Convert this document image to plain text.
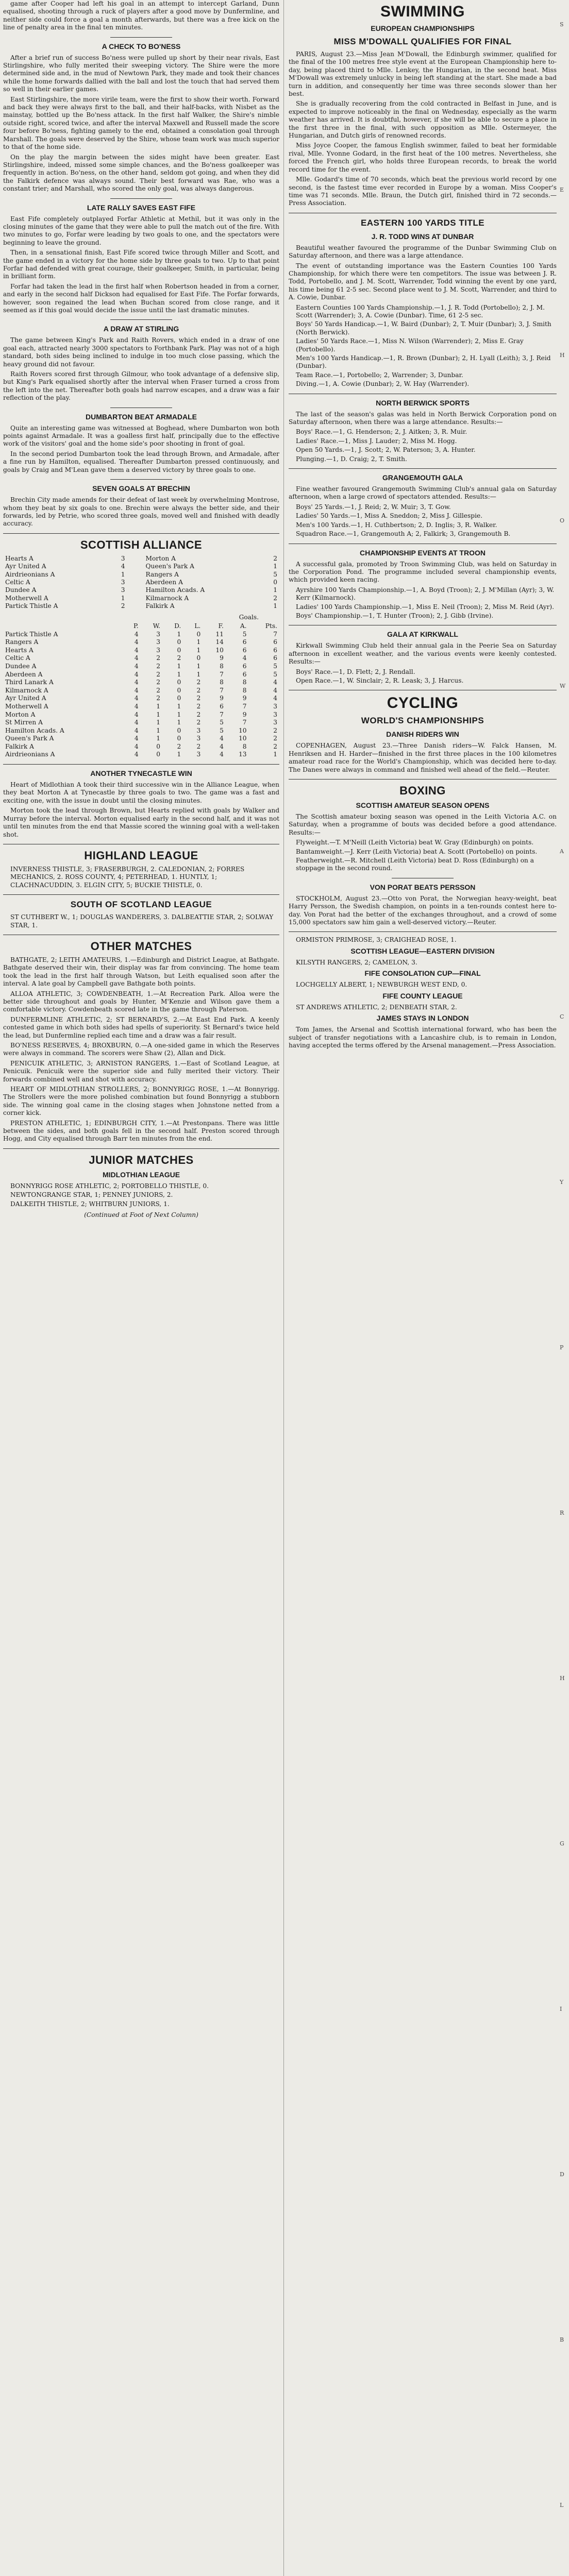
game after Cooper had left his goal in an attempt to intercept Garland, Dunn equalised, shooting through a ruck of players after a good move by Dunfermline, and neither side could force a goal a month afterwards, but there was a free kick on the line of penalty area in the final ten minutes.

A CHECK TO BO'NESS

After a brief run of success Bo'ness were pulled up short by their near rivals, East Stirlingshire, who fully merited their sweeping victory. The Shire were the more determined side and, in the mud of Newtown Park, they made and took their chances while the home forwards dallied with the ball and lost the touch that had served them so well in their earlier games.

East Stirlingshire, the more virile team, were the first to show their worth. Forward and back they were always first to the ball, and their half-backs, with Nisbet as the mainstay, bottled up the Bo'ness attack. In the first half Walker, the Shire's nimble outside right, scored twice, and after the interval Maxwell and Russell made the score four before Bo'ness, fighting gamely to the end, obtained a consolation goal through Marshall. The goals were deserved by the Shire, whose team work was much superior to that of the home side.

On the play the margin between the sides might have been greater. East Stirlingshire, indeed, missed some simple chances, and the Bo'ness goalkeeper was frequently in action. Bo'ness, on the other hand, seldom got going, and when they did the Falkirk defence was always sound. Their best forward was Rae, who was a constant trier; and Marshall, who scored the only goal, was always dangerous.

LATE RALLY SAVES EAST FIFE

East Fife completely outplayed Forfar Athletic at Methil, but it was only in the closing minutes of the game that they were able to pull the match out of the fire. With two minutes to go, Forfar were leading by two goals to one, and the spectators were beginning to leave the ground.

Then, in a sensational finish, East Fife scored twice through Miller and Scott, and the game ended in a victory for the home side by three goals to two. Up to that point Forfar had defended with great courage, their goalkeeper, Smith, in particular, being in brilliant form.

Forfar had taken the lead in the first half when Robertson headed in from a corner, and early in the second half Dickson had equalised for East Fife. The Forfar forwards, however, soon regained the lead when Buchan scored from close range, and it seemed as if this goal would decide the issue until the last dramatic minutes.

A DRAW AT STIRLING

The game between King's Park and Raith Rovers, which ended in a draw of one goal each, attracted nearly 3000 spectators to Forthbank Park. Play was not of a high standard, both sides being inclined to indulge in too much close passing, which the heavy ground did not favour.

Raith Rovers scored first through Gilmour, who took advantage of a defensive slip, but King's Park equalised shortly after the interval when Fraser turned a cross from the left into the net. Thereafter both goals had narrow escapes, and a draw was a fair reflection of the play.

DUMBARTON BEAT ARMADALE

Quite an interesting game was witnessed at Boghead, where Dumbarton won both points against Armadale. It was a goalless first half, principally due to the effective work of the visitors' goal and the home side's poor shooting in front of goal.

In the second period Dumbarton took the lead through Brown, and Armadale, after a fine run by Hamilton, equalised. Thereafter Dumbarton pressed continuously, and goals by Craig and M'Lean gave them a deserved victory by three goals to one.

SEVEN GOALS AT BRECHIN

Brechin City made amends for their defeat of last week by overwhelming Montrose, whom they beat by six goals to one. Brechin were always the better side, and their forwards, led by Petrie, who scored three goals, moved well and finished with deadly accuracy.

SCOTTISH ALLIANCE
Hearts A	3		Morton A	2
Ayr United A	4		Queen's Park A	1
Airdrieonians A	1		Rangers A	5
Celtic A	3		Aberdeen A	0
Dundee A	3		Hamilton Acads. A	1
Motherwell A	1		Kilmarnock A	2
Partick Thistle A	2		Falkirk A	1

Goals.

	P.	W.	D.	L.	F.	A.	Pts.
Partick Thistle A	4	3	1	0	11	5	7
Rangers A	4	3	0	1	14	6	6
Hearts A	4	3	0	1	10	6	6
Celtic A	4	2	2	0	9	4	6
Dundee A	4	2	1	1	8	6	5
Aberdeen A	4	2	1	1	7	6	5
Third Lanark A	4	2	0	2	8	8	4
Kilmarnock A	4	2	0	2	7	8	4
Ayr United A	4	2	0	2	9	9	4
Motherwell A	4	1	1	2	6	7	3
Morton A	4	1	1	2	7	9	3
St Mirren A	4	1	1	2	5	7	3
Hamilton Acads. A	4	1	0	3	5	10	2
Queen's Park A	4	1	0	3	4	10	2
Falkirk A	4	0	2	2	4	8	2
Airdrieonians A	4	0	1	3	4	13	1
ANOTHER TYNECASTLE WIN

Heart of Midlothian A took their third successive win in the Alliance League, when they beat Morton A at Tynecastle by three goals to two. The game was a fast and exciting one, with the issue in doubt until the closing minutes.

Morton took the lead through Brown, but Hearts replied with goals by Walker and Murray before the interval. Morton equalised early in the second half, and it was not until ten minutes from the end that Massie scored the winning goal with a well-taken shot.

HIGHLAND LEAGUE

INVERNESS THISTLE, 3; FRASERBURGH, 2. CALEDONIAN, 2; FORRES MECHANICS, 2. ROSS COUNTY, 4; PETERHEAD, 1. HUNTLY, 1; CLACHNACUDDIN, 3. ELGIN CITY, 5; BUCKIE THISTLE, 0.

SOUTH OF SCOTLAND LEAGUE

ST CUTHBERT W., 1; DOUGLAS WANDERERS, 3. DALBEATTIE STAR, 2; SOLWAY STAR, 1.

OTHER MATCHES

BATHGATE, 2; LEITH AMATEURS, 1.—Edinburgh and District League, at Bathgate. Bathgate deserved their win, their display was far from convincing. The home team took the lead in the first half through Watson, but Leith equalised soon after the interval. A late goal by Campbell gave Bathgate both points.

ALLOA ATHLETIC, 3; COWDENBEATH, 1.—At Recreation Park. Alloa were the better side throughout and goals by Hunter, M'Kenzie and Wilson gave them a comfortable victory. Cowdenbeath scored late in the game through Paterson.

DUNFERMLINE ATHLETIC, 2; ST BERNARD'S, 2.—At East End Park. A keenly contested game in which both sides had spells of superiority. St Bernard's twice held the lead, but Dunfermline replied each time and a draw was a fair result.

BO'NESS RESERVES, 4; BROXBURN, 0.—A one-sided game in which the Reserves were always in command. The scorers were Shaw (2), Allan and Dick.

PENICUIK ATHLETIC, 3; ARNISTON RANGERS, 1.—East of Scotland League, at Penicuik. Penicuik were the superior side and fully merited their victory. Their forwards combined well and shot with accuracy.

HEART OF MIDLOTHIAN STROLLERS, 2; BONNYRIGG ROSE, 1.—At Bonnyrigg. The Strollers were the more polished combination but found Bonnyrigg a stubborn side. The winning goal came in the closing stages when Johnstone netted from a corner kick.

PRESTON ATHLETIC, 1; EDINBURGH CITY, 1.—At Prestonpans. There was little between the sides, and both goals fell in the second half. Preston scored through Hogg, and City equalised through Barr ten minutes from the end.

JUNIOR MATCHES
MIDLOTHIAN LEAGUE

BONNYRIGG ROSE ATHLETIC, 2; PORTOBELLO THISTLE, 0.

NEWTONGRANGE STAR, 1; PENNEY JUNIORS, 2.

DALKEITH THISTLE, 2; WHITBURN JUNIORS, 1.

(Continued at Foot of Next Column)

SWIMMING
EUROPEAN CHAMPIONSHIPS
MISS M'DOWALL QUALIFIES FOR FINAL

PARIS, August 23.—Miss Jean M'Dowall, the Edinburgh swimmer, qualified for the final of the 100 metres free style event at the European Championship here to-day, being placed third to Mlle. Lenkey, the Hungarian, in the second heat. Miss M'Dowall was extremely unlucky in being left standing at the start. She made a bad turn in addition, and consequently her time was three seconds slower than her best.

She is gradually recovering from the cold contracted in Belfast in June, and is expected to improve noticeably in the final on Wednesday, especially as the warm weather has arrived. It is doubtful, however, if she will be able to secure a place in the first three in the final, with such opposition as Mlle. Ostermeyer, the Hungarian, and Dutch girls of renowned records.

Miss Joyce Cooper, the famous English swimmer, failed to beat her formidable rival, Mlle. Yvonne Godard, in the first heat of the 100 metres. Nevertheless, she forced the French girl, who holds three European records, to break the world record time for the event.

Mlle. Godard's time of 70 seconds, which beat the previous world record by one second, is the fastest time ever recorded in Europe by a woman. Miss Cooper's time was 71 seconds. Mlle. Braun, the Dutch girl, finished third in 72 seconds.—Press Association.

EASTERN 100 YARDS TITLE
J. R. TODD WINS AT DUNBAR

Beautiful weather favoured the programme of the Dunbar Swimming Club on Saturday afternoon, and there was a large attendance.

The event of outstanding importance was the Eastern Counties 100 Yards Championship, for which there were ten competitors. The issue was between J. R. Todd, Portobello, and J. M. Scott, Warrender, Todd winning the event by one yard, his time being 61 2-5 sec. Second place went to J. M. Scott, Warrender, and third to A. Cowie, Dunbar.

Eastern Counties 100 Yards Championship.—1, J. R. Todd (Portobello); 2, J. M. Scott (Warrender); 3, A. Cowie (Dunbar). Time, 61 2-5 sec.

Boys' 50 Yards Handicap.—1, W. Baird (Dunbar); 2, T. Muir (Dunbar); 3, J. Smith (North Berwick).

Ladies' 50 Yards Race.—1, Miss N. Wilson (Warrender); 2, Miss E. Gray (Portobello).

Men's 100 Yards Handicap.—1, R. Brown (Dunbar); 2, H. Lyall (Leith); 3, J. Reid (Dunbar).

Team Race.—1, Portobello; 2, Warrender; 3, Dunbar.

Diving.—1, A. Cowie (Dunbar); 2, W. Hay (Warrender).

NORTH BERWICK SPORTS

The last of the season's galas was held in North Berwick Corporation pond on Saturday afternoon, when there was a large attendance. Results:—

Boys' Race.—1, G. Henderson; 2, J. Aitken; 3, R. Muir.

Ladies' Race.—1, Miss J. Lauder; 2, Miss M. Hogg.

Open 50 Yards.—1, J. Scott; 2, W. Paterson; 3, A. Hunter.

Plunging.—1, D. Craig; 2, T. Smith.

GRANGEMOUTH GALA

Fine weather favoured Grangemouth Swimming Club's annual gala on Saturday afternoon, when a large crowd of spectators attended. Results:—

Boys' 25 Yards.—1, J. Reid; 2, W. Muir; 3, T. Gow.

Ladies' 50 Yards.—1, Miss A. Sneddon; 2, Miss J. Gillespie.

Men's 100 Yards.—1, H. Cuthbertson; 2, D. Inglis; 3, R. Walker.

Squadron Race.—1, Grangemouth A; 2, Falkirk; 3, Grangemouth B.

CHAMPIONSHIP EVENTS AT TROON

A successful gala, promoted by Troon Swimming Club, was held on Saturday in the Corporation Pond. The programme included several championship events, which provided keen racing.

Ayrshire 100 Yards Championship.—1, A. Boyd (Troon); 2, J. M'Millan (Ayr); 3, W. Kerr (Kilmarnock).

Ladies' 100 Yards Championship.—1, Miss E. Neil (Troon); 2, Miss M. Reid (Ayr).

Boys' Championship.—1, T. Hunter (Troon); 2, J. Gibb (Irvine).

GALA AT KIRKWALL

Kirkwall Swimming Club held their annual gala in the Peerie Sea on Saturday afternoon in excellent weather, and the various events were keenly contested. Results:—

Boys' Race.—1, D. Flett; 2, J. Rendall.

Open Race.—1, W. Sinclair; 2, R. Leask; 3, J. Harcus.

CYCLING
WORLD'S CHAMPIONSHIPS
DANISH RIDERS WIN

COPENHAGEN, August 23.—Three Danish riders—W. Falck Hansen, M. Henriksen and H. Harder—finished in the first three places in the 100 kilometres amateur road race for the World's Championship, which was decided here to-day. The Danes were always in command and finished well ahead of the field.—Reuter.

BOXING
SCOTTISH AMATEUR SEASON OPENS

The Scottish amateur boxing season was opened in the Leith Victoria A.C. on Saturday, when a programme of bouts was decided before a good attendance. Results:—

Flyweight.—T. M'Neill (Leith Victoria) beat W. Gray (Edinburgh) on points.

Bantamweight.—J. Kerr (Leith Victoria) beat A. Scott (Portobello) on points.

Featherweight.—R. Mitchell (Leith Victoria) beat D. Ross (Edinburgh) on a stoppage in the second round.

VON PORAT BEATS PERSSON

STOCKHOLM, August 23.—Otto von Porat, the Norwegian heavy-weight, beat Harry Persson, the Swedish champion, on points in a ten-rounds contest here to-day. Von Porat had the better of the exchanges throughout, and a crowd of some 15,000 spectators saw him gain a well-deserved victory.—Reuter.

ORMISTON PRIMROSE, 3; CRAIGHEAD ROSE, 1.

SCOTTISH LEAGUE—EASTERN DIVISION

KILSYTH RANGERS, 2; CAMELON, 3.

FIFE CONSOLATION CUP—FINAL

LOCHGELLY ALBERT, 1; NEWBURGH WEST END, 0.

FIFE COUNTY LEAGUE

ST ANDREWS ATHLETIC, 2; DENBEATH STAR, 2.

JAMES STAYS IN LONDON

Tom James, the Arsenal and Scottish international forward, who has been the subject of transfer negotiations with a Lancashire club, is to remain in London, having accepted the terms offered by the Arsenal management.—Press Association.

S
E
H
O
W
A
C
Y
P
R
H
G
I
D
B
L
